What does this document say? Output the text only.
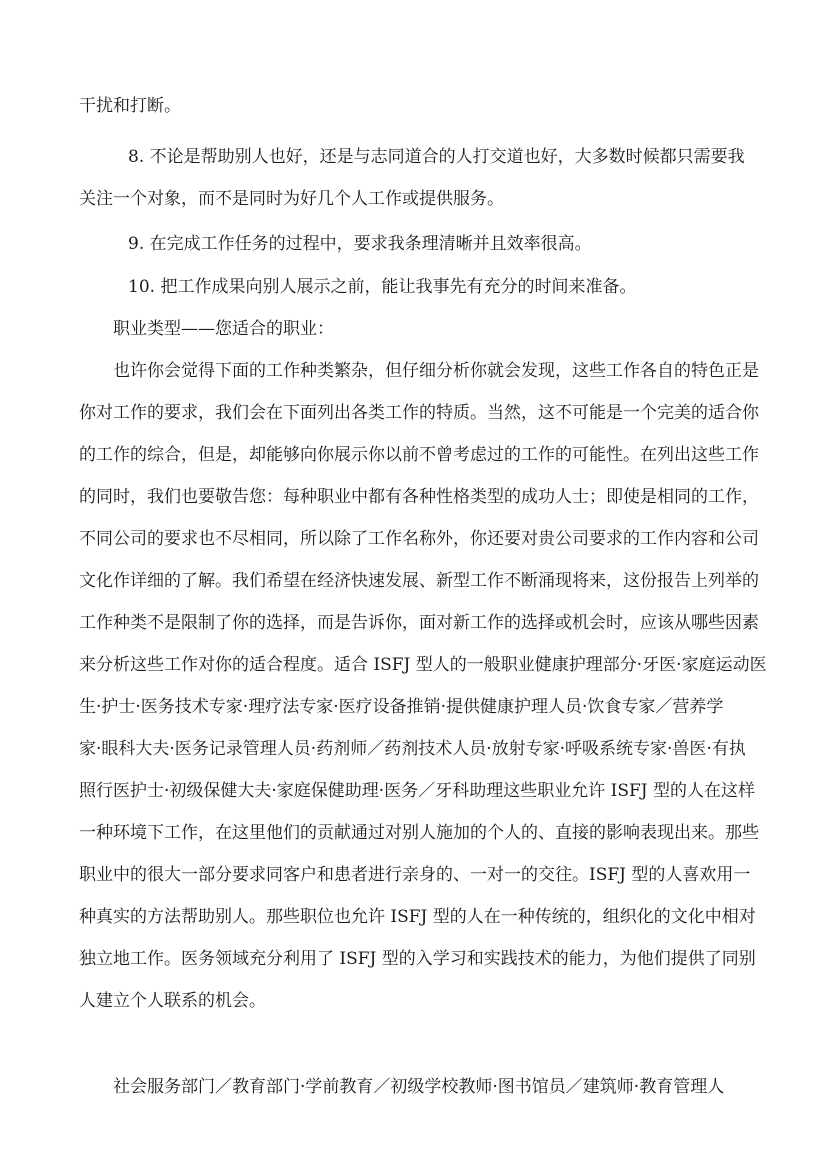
干扰和打断。
8. 不论是帮助别人也好，还是与志同道合的人打交道也好，大多数时候都只需要我
关注一个对象，而不是同时为好几个人工作或提供服务。
9. 在完成工作任务的过程中，要求我条理清晰并且效率很高。
10. 把工作成果向别人展示之前，能让我事先有充分的时间来准备。
职业类型——您适合的职业：
也许你会觉得下面的工作种类繁杂，但仔细分析你就会发现，这些工作各自的特色正是
你对工作的要求，我们会在下面列出各类工作的特质。当然，这不可能是一个完美的适合你
的工作的综合，但是，却能够向你展示你以前不曾考虑过的工作的可能性。在列出这些工作
的同时，我们也要敬告您：每种职业中都有各种性格类型的成功人士；即使是相同的工作，
不同公司的要求也不尽相同，所以除了工作名称外，你还要对贵公司要求的工作内容和公司
文化作详细的了解。我们希望在经济快速发展、新型工作不断涌现将来，这份报告上列举的
工作种类不是限制了你的选择，而是告诉你，面对新工作的选择或机会时，应该从哪些因素
来分析这些工作对你的适合程度。适合 ISFJ 型人的一般职业健康护理部分·牙医·家庭运动医
生·护士·医务技术专家·理疗法专家·医疗设备推销·提供健康护理人员·饮食专家／营养学
家·眼科大夫·医务记录管理人员·药剂师／药剂技术人员·放射专家·呼吸系统专家·兽医·有执
照行医护士·初级保健大夫·家庭保健助理·医务／牙科助理这些职业允许 ISFJ 型的人在这样
一种环境下工作，在这里他们的贡献通过对别人施加的个人的、直接的影响表现出来。那些
职业中的很大一部分要求同客户和患者进行亲身的、一对一的交往。ISFJ 型的人喜欢用一
种真实的方法帮助别人。那些职位也允许 ISFJ 型的人在一种传统的，组织化的文化中相对
独立地工作。医务领域充分利用了 ISFJ 型的入学习和实践技术的能力，为他们提供了同别
人建立个人联系的机会。
社会服务部门／教育部门·学前教育／初级学校教师·图书馆员／建筑师·教育管理人
